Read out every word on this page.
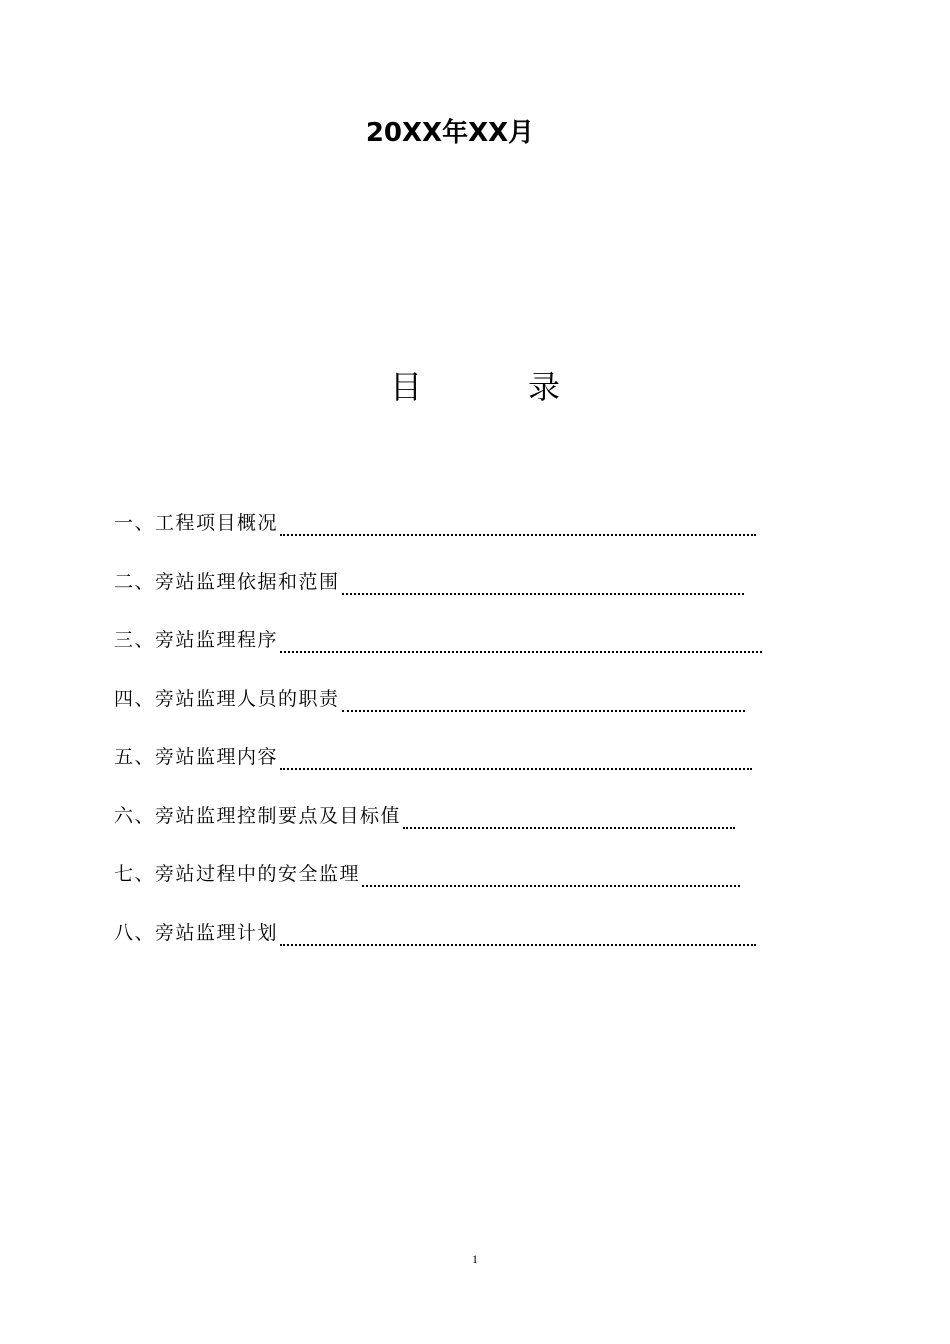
20XX年XX月
目	录
一、工程项目概况
二、旁站监理依据和范围
三、旁站监理程序
四、旁站监理人员的职责
五、旁站监理内容
六、旁站监理控制要点及目标值
七、旁站过程中的安全监理
八、旁站监理计划
1
